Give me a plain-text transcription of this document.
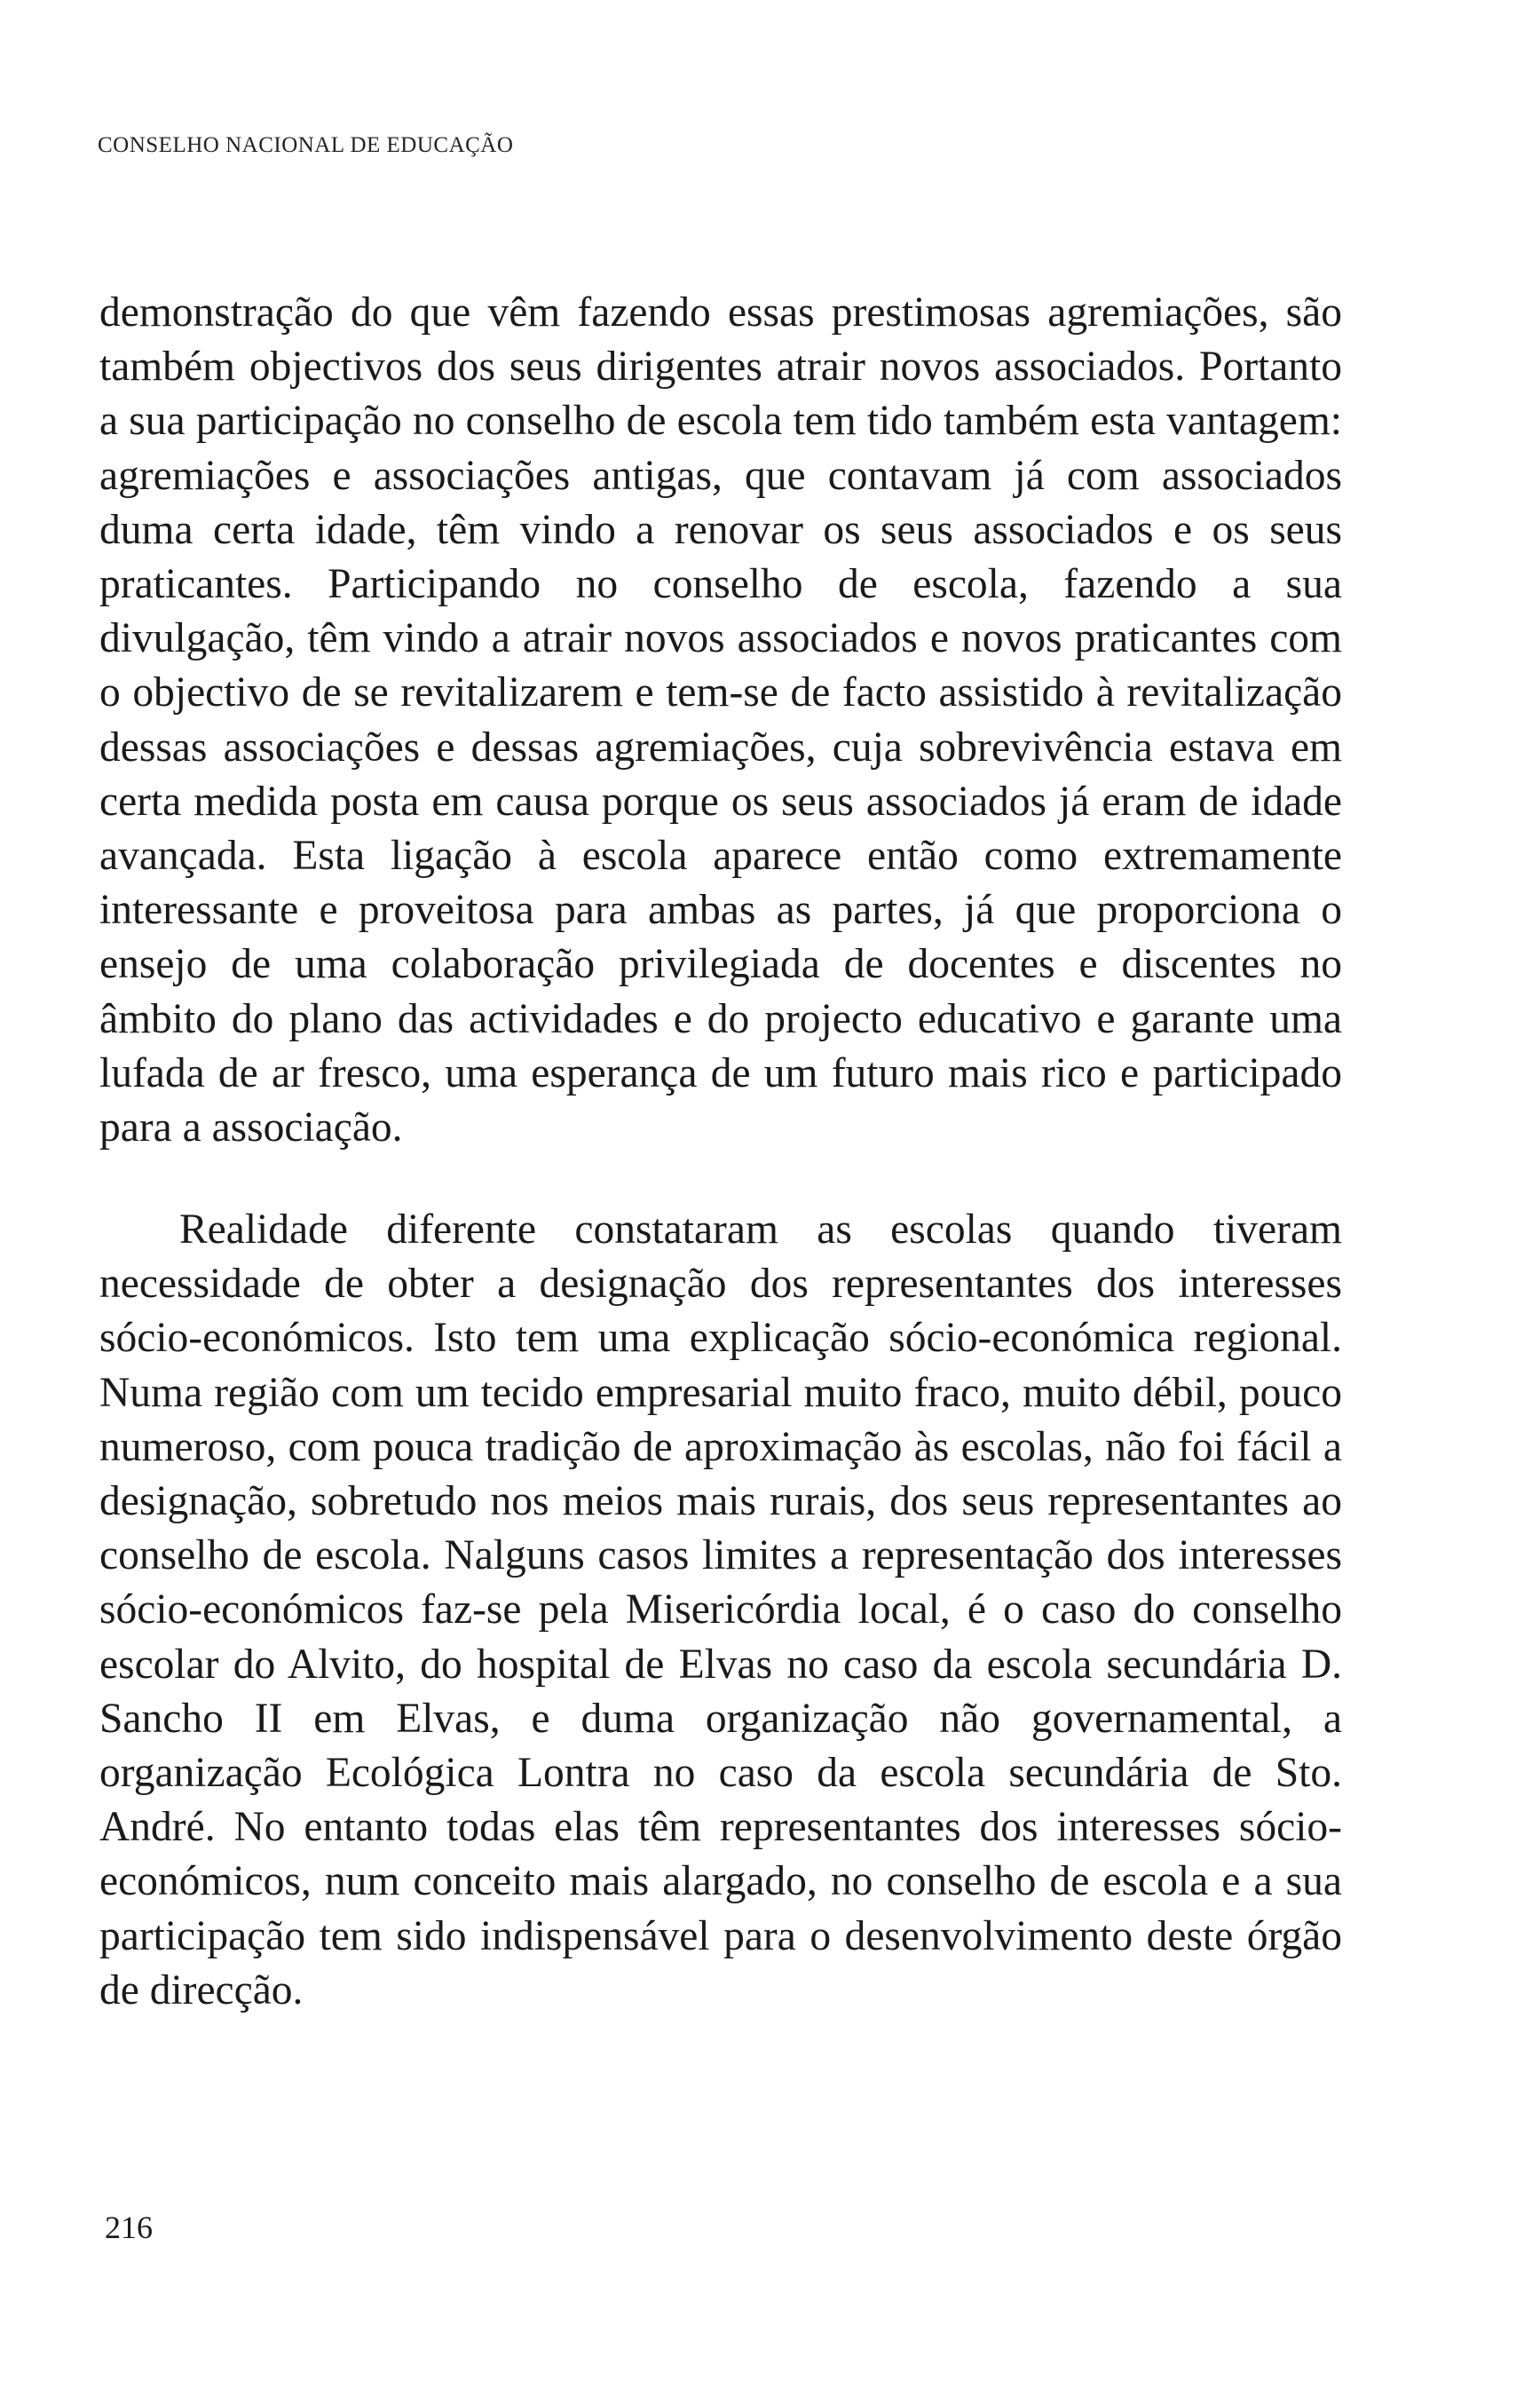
CONSELHO NACIONAL DE EDUCAÇÃO

demonstração do que vêm fazendo essas prestimosas agremiações, são também objectivos dos seus dirigentes atrair novos associados. Portanto a sua participação no conselho de escola tem tido também esta vantagem: agremiações e associações antigas, que contavam já com associados duma certa idade, têm vindo a renovar os seus associados e os seus praticantes. Participando no conselho de escola, fazendo a sua divulgação, têm vindo a atrair novos associados e novos praticantes com o objectivo de se revitalizarem e tem-se de facto assistido à revitalização dessas associações e dessas agremiações, cuja sobrevivência estava em certa medida posta em causa porque os seus associados já eram de idade avançada. Esta ligação à escola aparece então como extremamente interessante e proveitosa para ambas as partes, já que proporciona o ensejo de uma colaboração privilegiada de docentes e discentes no âmbito do plano das actividades e do projecto educativo e garante uma lufada de ar fresco, uma esperança de um futuro mais rico e participado para a associação.

Realidade diferente constataram as escolas quando tiveram necessidade de obter a designação dos representantes dos interesses sócio-económicos. Isto tem uma explicação sócio-económica regional. Numa região com um tecido empresarial muito fraco, muito débil, pouco numeroso, com pouca tradição de aproximação às escolas, não foi fácil a designação, sobretudo nos meios mais rurais, dos seus representantes ao conselho de escola. Nalguns casos limites a representação dos interesses sócio-económicos faz-se pela Misericórdia local, é o caso do conselho escolar do Alvito, do hospital de Elvas no caso da escola secundária D. Sancho II em Elvas, e duma organização não governamental, a organização Ecológica Lontra no caso da escola secundária de Sto. André. No entanto todas elas têm representantes dos interesses sócio-económicos, num conceito mais alargado, no conselho de escola e a sua participação tem sido indispensável para o desenvolvimento deste órgão de direcção.

216
